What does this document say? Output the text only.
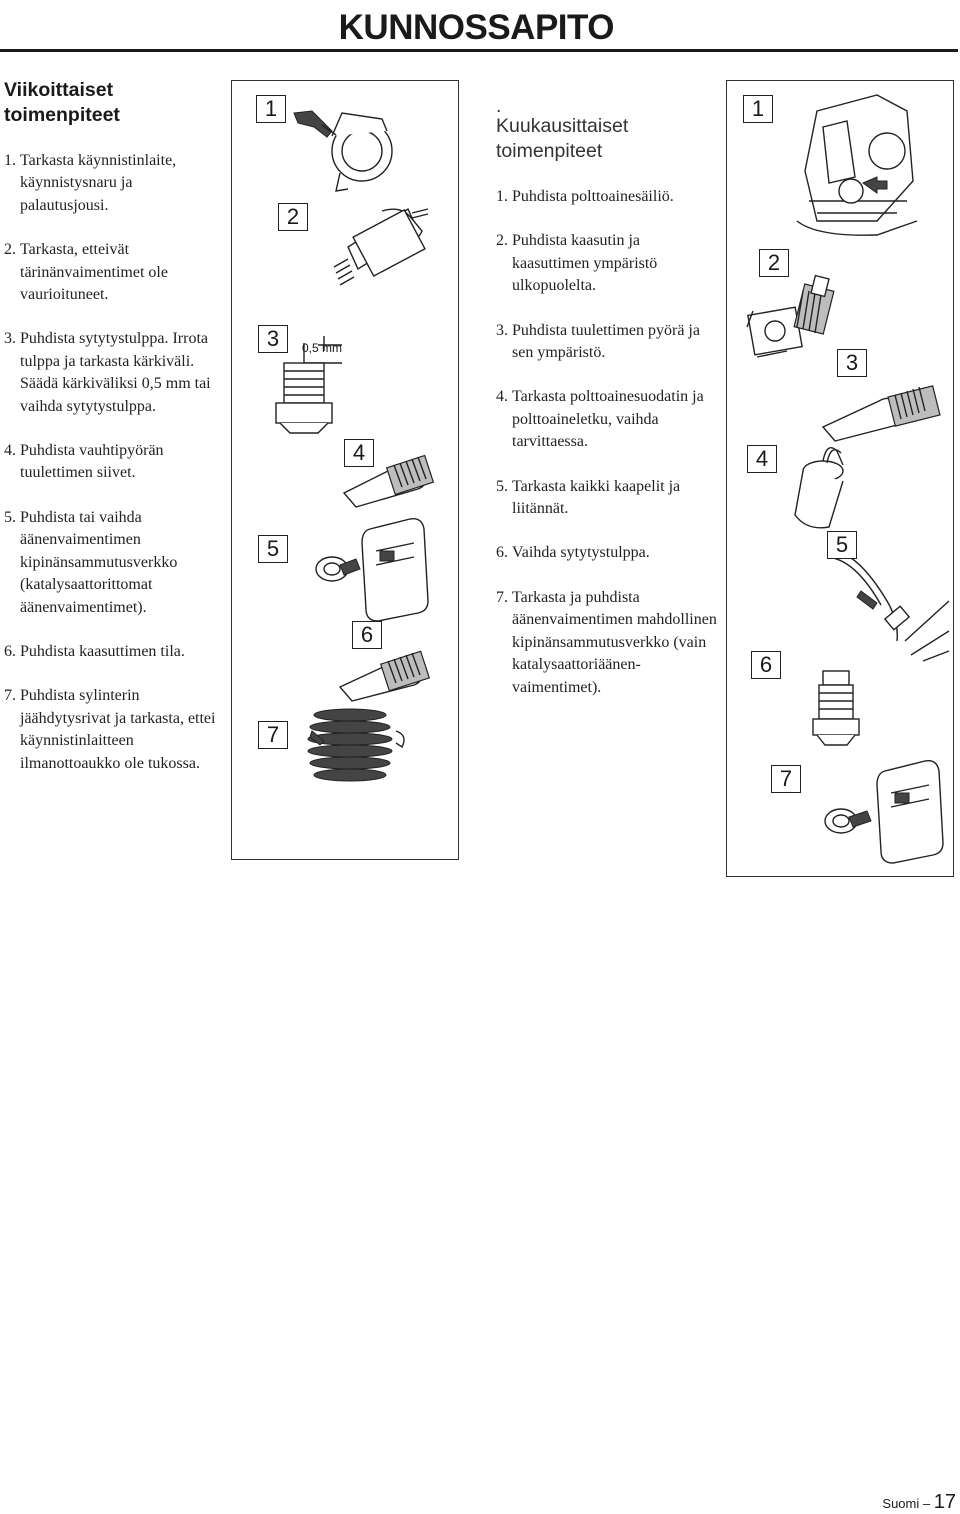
KUNNOSSAPITO
Viikoittaiset toimenpiteet
1. Tarkasta käynnistinlaite, käynnistysnaru ja palautusjousi.
2. Tarkasta, etteivät tärinänvaimentimet ole vaurioituneet.
3. Puhdista sytytystulppa. Irrota tulppa ja tarkasta kärkiväli. Säädä kärkiväliksi 0,5 mm tai vaihda sytytystulppa.
4. Puhdista vauhtipyörän tuulettimen siivet.
5. Puhdista tai vaihda äänenvaimentimen kipinänsammutusverkko (katalysaattorittomat äänenvaimentimet).
6. Puhdista kaasuttimen tila.
7. Puhdista sylinterin jäähdytysrivat ja tarkasta, ettei käynnistinlaitteen ilmanottoaukko ole tukossa.
1
2
3	0,5 mm
4
5
6
7
.
Kuukausittaiset toimenpiteet
1. Puhdista polttoainesäiliö.
2. Puhdista kaasutin ja kaasuttimen ympäristö ulkopuolelta.
3. Puhdista tuulettimen pyörä ja sen ympäristö.
4. Tarkasta polttoainesuodatin ja polttoaineletku, vaihda tarvittaessa.
5. Tarkasta kaikki kaapelit ja liitännät.
6. Vaihda sytytystulppa.
7. Tarkasta ja puhdista äänenvaimentimen mahdollinen kipinänsammutusverkko (vain katalysaattoriäänen-vaimentimet).
1
2
3
4
5
6
7
Suomi – 17
